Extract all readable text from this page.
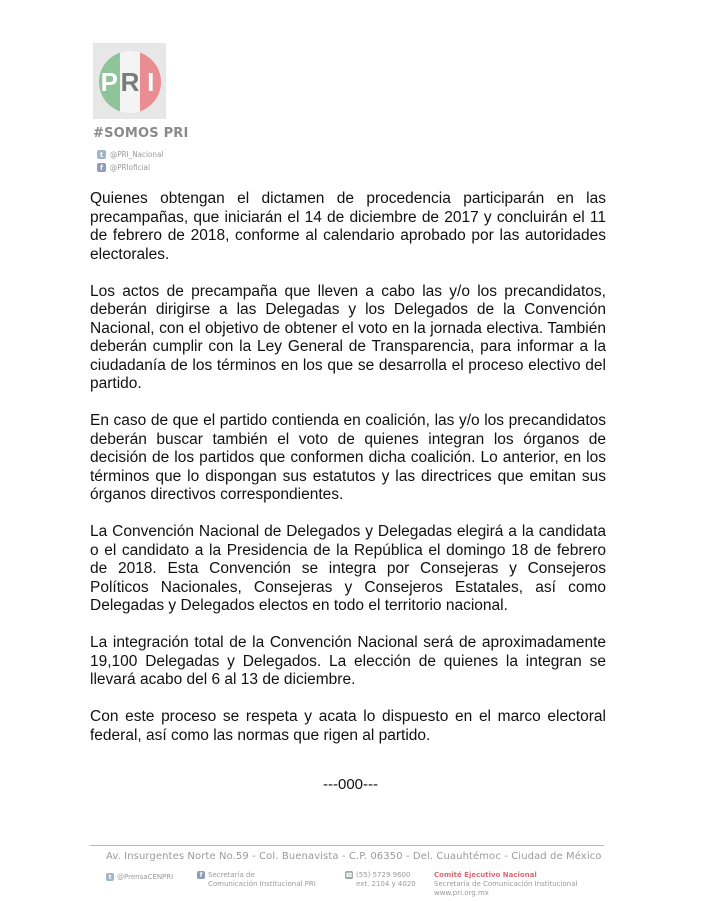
P R I
#SOMOS PRI
t @PRI_Nacional
f @PRIoficial

Quienes obtengan el dictamen de procedencia participarán en las precampañas, que iniciarán el 14 de diciembre de 2017 y concluirán el 11 de febrero de 2018, conforme al calendario aprobado por las autoridades electorales.

Los actos de precampaña que lleven a cabo las y/o los precandidatos, deberán dirigirse a las Delegadas y los Delegados de la Convención Nacional, con el objetivo de obtener el voto en la jornada electiva. También deberán cumplir con la Ley General de Transparencia, para informar a la ciudadanía de los términos en los que se desarrolla el proceso electivo del partido.

En caso de que el partido contienda en coalición, las y/o los precandidatos deberán buscar también el voto de quienes integran los órganos de decisión de los partidos que conformen dicha coalición. Lo anterior, en los términos que lo dispongan sus estatutos y las directrices que emitan sus órganos directivos correspondientes.

La Convención Nacional de Delegados y Delegadas elegirá a la candidata o el candidato a la Presidencia de la República el domingo 18 de febrero de 2018. Esta Convención se integra por Consejeras y Consejeros Políticos Nacionales, Consejeras y Consejeros Estatales, así como Delegadas y Delegados electos en todo el territorio nacional.

La integración total de la Convención Nacional será de aproximadamente 19,100 Delegadas y Delegados. La elección de quienes la integran se llevará acabo del 6 al 13 de diciembre.

Con este proceso se respeta y acata lo dispuesto en el marco electoral federal, así como las normas que rigen al partido.

---000---
Av. Insurgentes Norte No.59 - Col. Buenavista - C.P. 06350 - Del. Cuauhtémoc - Ciudad de México
t @PrensaCENPRI	f Secretaría de
Comunicación Institucional PRI
☎ (55) 5729 9600
ext. 2104 y 4020
Comité Ejecutivo Nacional
Secretaría de Comunicación Institucional
www.pri.org.mx
